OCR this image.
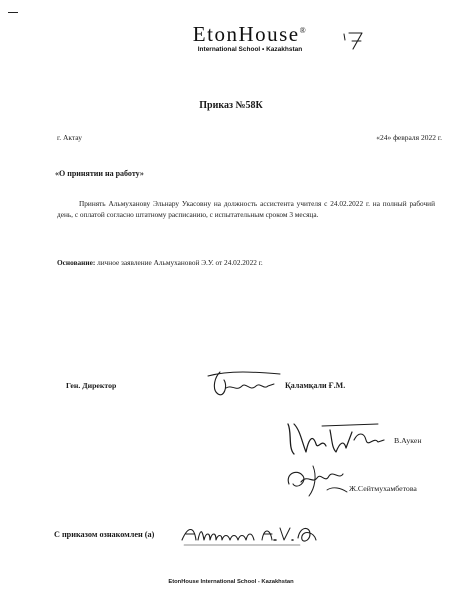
EtonHouse®
International School • Kazakhstan
Приказ №58К
г. Актау	«24» февраля 2022 г.
«О принятии на работу»
Принять Альмуханову Эльнару Укасовну на должность ассистента учителя с 24.02.2022 г. на полный рабочий день, с оплатой согласно штатному расписанию, с испытательным сроком 3 месяца.
Основание: личное заявление Альмухановой Э.У. от 24.02.2022 г.
Ген. Директор	Қаламқали Ғ.М.
В.Аукен
Ж.Сейтмухамбетова
С приказом ознакомлен (а)
EtonHouse International School - Kazakhstan
